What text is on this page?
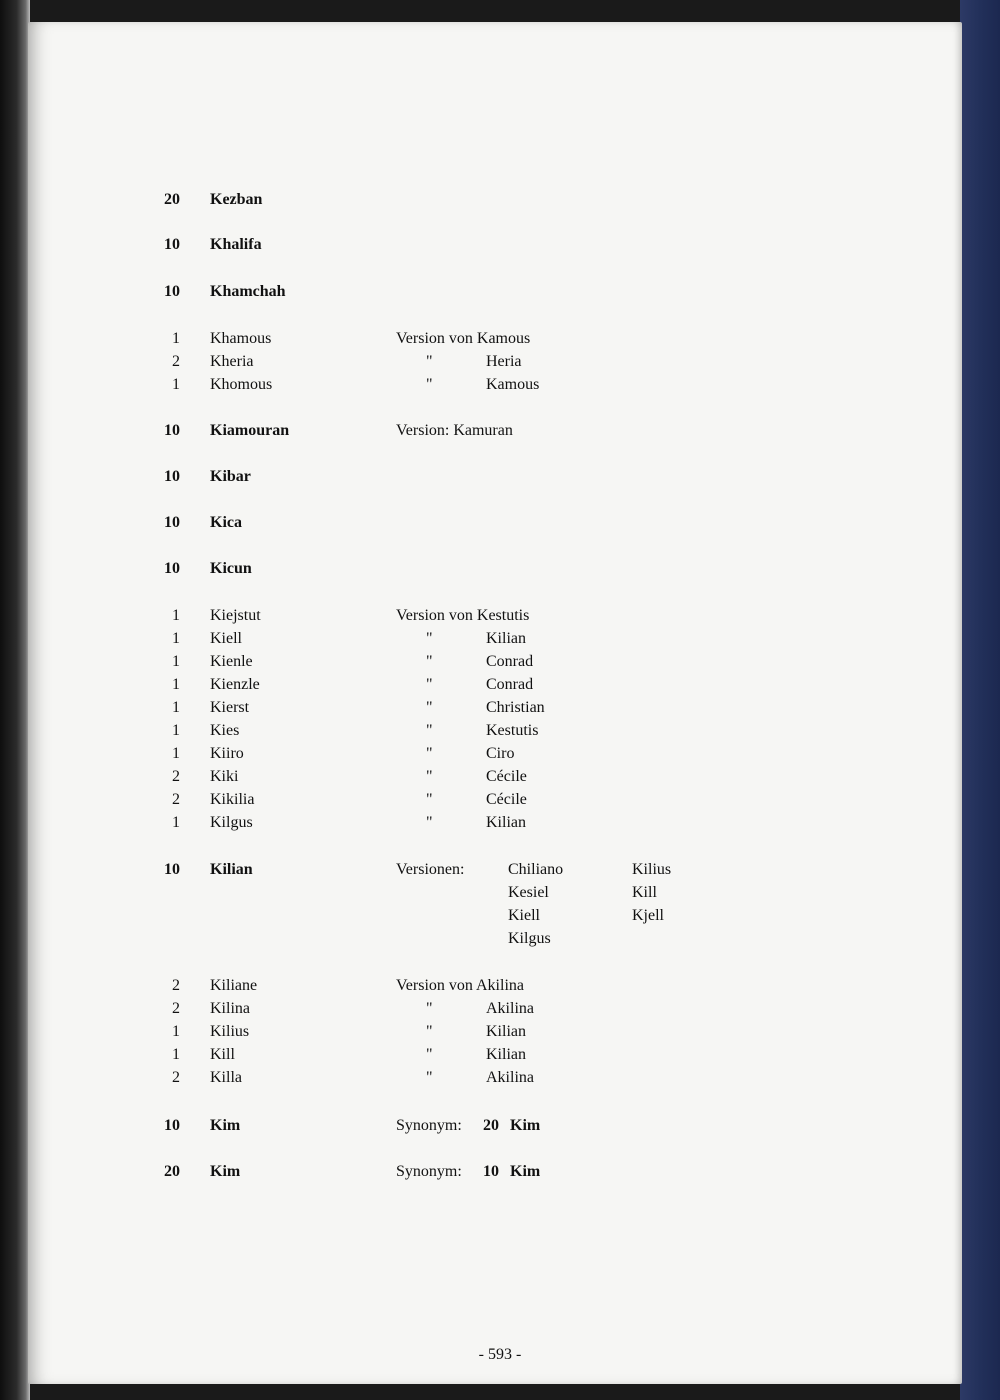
20 Kezban
10 Khalifa
10 Khamchah
1 Khamous	Version von Kamous
2 Kheria	"	Heria
1 Khomous	"	Kamous
10 Kiamouran	Version: Kamuran
10 Kibar
10 Kica
10 Kicun
1 Kiejstut	Version von Kestutis
1 Kiell	"	Kilian
1 Kienle	"	Conrad
1 Kienzle	"	Conrad
1 Kierst	"	Christian
1 Kies	"	Kestutis
1 Kiiro	"	Ciro
2 Kiki	"	Cécile
2 Kikilia	"	Cécile
1 Kilgus	"	Kilian
10 Kilian	Versionen:	Chiliano	Kilius
Kesiel	Kill
Kiell	Kjell
Kilgus
2 Kiliane	Version von Akilina
2 Kilina	"	Akilina
1 Kilius	"	Kilian
1 Kill	"	Kilian
2 Killa	"	Akilina
10 Kim	Synonym: 20 Kim
20 Kim	Synonym: 10 Kim
- 593 -
